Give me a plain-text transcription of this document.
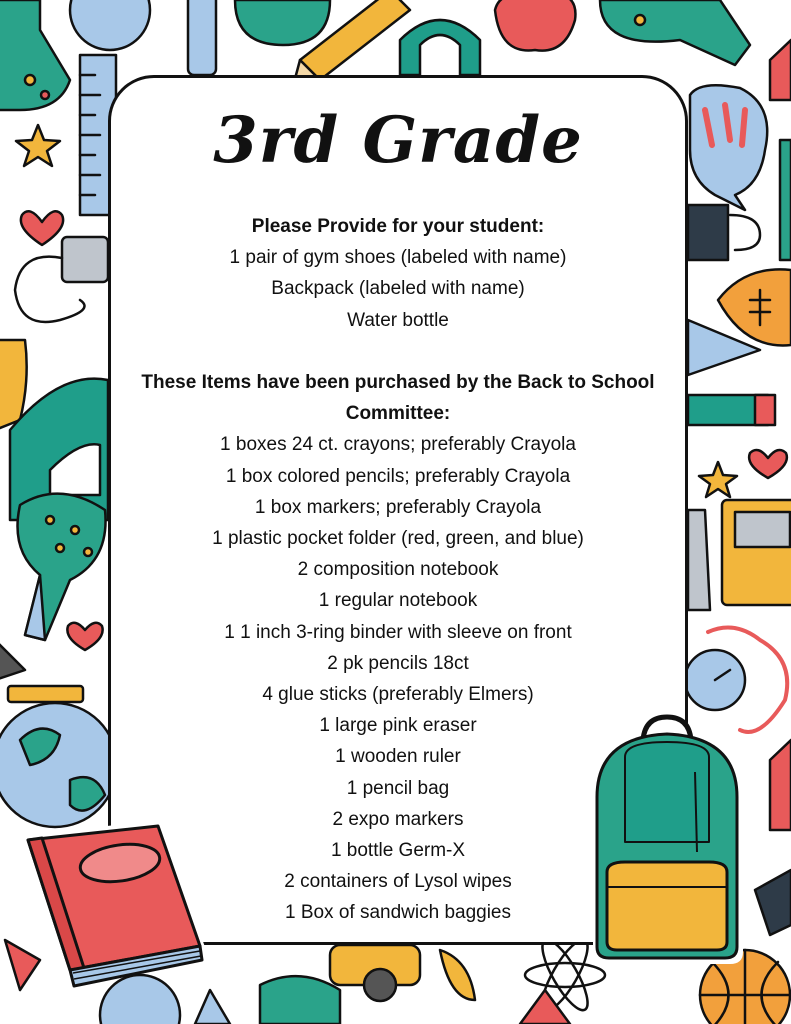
3rd Grade
Please Provide for your student:
1 pair of gym shoes (labeled with name)
Backpack (labeled with name)
Water bottle
These Items have been purchased by the Back to School Committee:
1 boxes 24 ct. crayons; preferably Crayola
1 box colored pencils; preferably Crayola
1 box markers; preferably Crayola
1 plastic pocket folder (red, green, and blue)
2 composition notebook
1 regular notebook
1 1 inch 3-ring binder with sleeve on front
2 pk pencils 18ct
4 glue sticks (preferably Elmers)
1 large pink eraser
1 wooden ruler
1 pencil bag
2 expo markers
1 bottle Germ-X
2 containers of Lysol wipes
1 Box of sandwich baggies
